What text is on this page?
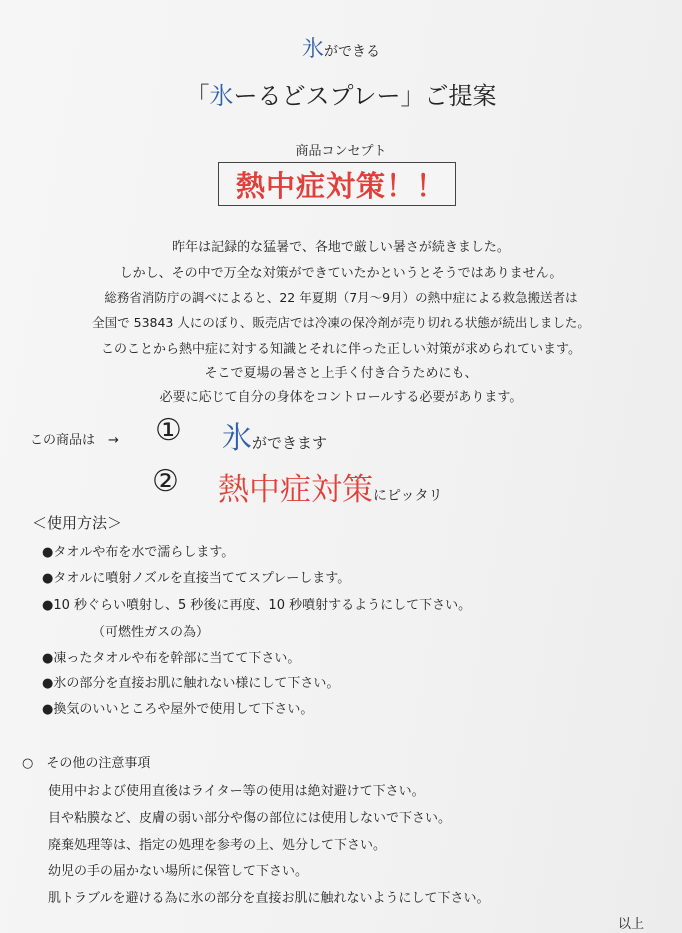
氷ができる
「氷ーるどスプレー」ご提案
商品コンセプト
熱中症対策！！
昨年は記録的な猛暑で、各地で厳しい暑さが続きました。
しかし、その中で万全な対策ができていたかというとそうではありません。
総務省消防庁の調べによると、22 年夏期（7月〜9月）の熱中症による救急搬送者は
全国で 53843 人にのぼり、販売店では冷凍の保冷剤が売り切れる状態が続出しました。
このことから熱中症に対する知識とそれに伴った正しい対策が求められています。
そこで夏場の暑さと上手く付き合うためにも、
必要に応じて自分の身体をコントロールする必要があります。
この商品は　→ ① 氷ができます
② 熱中症対策にピッタリ
＜使用方法＞
●タオルや布を水で濡らします。
●タオルに噴射ノズルを直接当ててスプレーします。
●10 秒ぐらい噴射し、5 秒後に再度、10 秒噴射するようにして下さい。
（可燃性ガスの為）
●凍ったタオルや布を幹部に当てて下さい。
●氷の部分を直接お肌に触れない様にして下さい。
●換気のいいところや屋外で使用して下さい。
○　その他の注意事項
使用中および使用直後はライター等の使用は絶対避けて下さい。
目や粘膜など、皮膚の弱い部分や傷の部位には使用しないで下さい。
廃棄処理等は、指定の処理を参考の上、処分して下さい。
幼児の手の届かない場所に保管して下さい。
肌トラブルを避ける為に氷の部分を直接お肌に触れないようにして下さい。
以上
